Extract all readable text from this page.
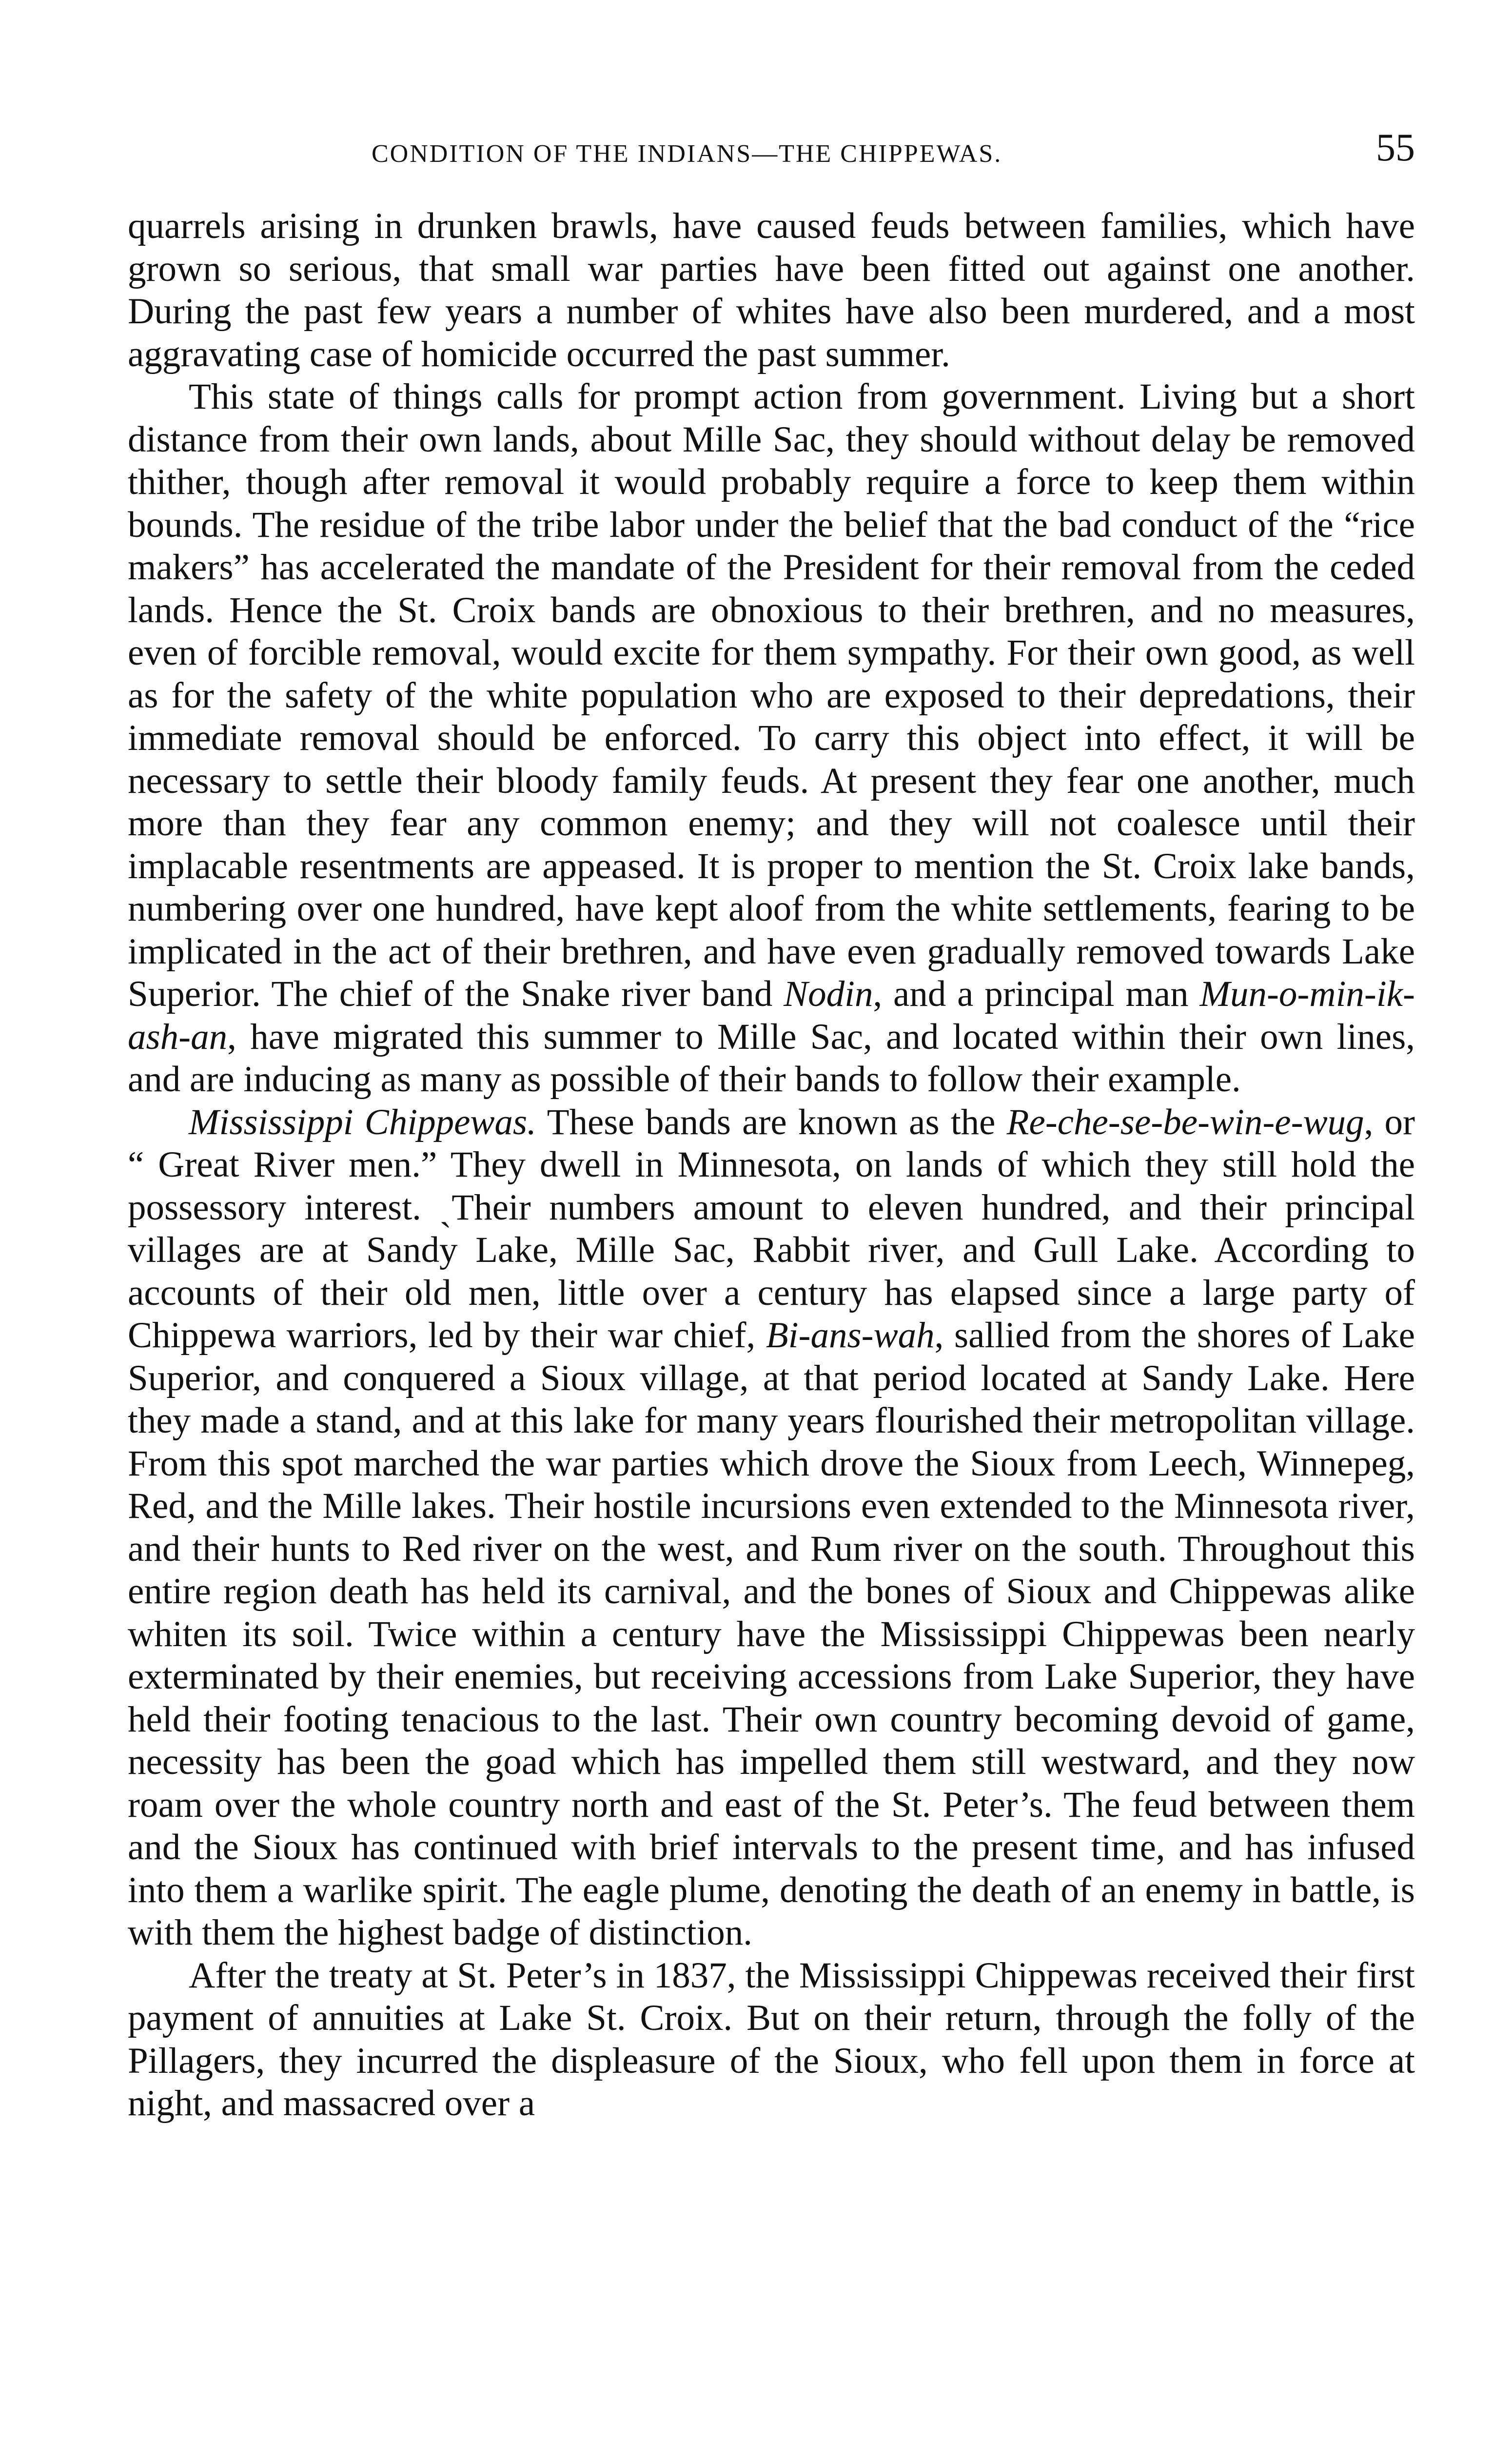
CONDITION OF THE INDIANS—THE CHIPPEWAS.	55

quarrels arising in drunken brawls, have caused feuds between families, which have grown so serious, that small war parties have been fitted out against one another. During the past few years a number of whites have also been murdered, and a most aggravating case of homicide occurred the past summer.

This state of things calls for prompt action from government. Living but a short distance from their own lands, about Mille Sac, they should without delay be removed thither, though after removal it would probably require a force to keep them within bounds. The residue of the tribe labor under the belief that the bad conduct of the “rice makers” has accelerated the mandate of the President for their removal from the ceded lands. Hence the St. Croix bands are obnoxious to their brethren, and no measures, even of forcible removal, would excite for them sympathy. For their own good, as well as for the safety of the white population who are exposed to their depredations, their immediate removal should be enforced. To carry this object into effect, it will be necessary to settle their bloody family feuds. At present they fear one another, much more than they fear any common enemy; and they will not coalesce until their implacable resentments are appeased. It is proper to mention the St. Croix lake bands, numbering over one hundred, have kept aloof from the white settlements, fearing to be implicated in the act of their brethren, and have even gradually removed towards Lake Superior. The chief of the Snake river band Nodin, and a principal man Mun-o-min-ik-ash-an, have migrated this summer to Mille Sac, and located within their own lines, and are inducing as many as possible of their bands to follow their example.

Mississippi Chippewas. These bands are known as the Re-che-se-be-win-e-wug, or “ Great River men.” They dwell in Minnesota, on lands of which they still hold the possessory interest. ˎTheir numbers amount to eleven hundred, and their principal villages are at Sandy Lake, Mille Sac, Rabbit river, and Gull Lake. According to accounts of their old men, little over a century has elapsed since a large party of Chippewa warriors, led by their war chief, Bi-ans-wah, sallied from the shores of Lake Superior, and conquered a Sioux village, at that period located at Sandy Lake. Here they made a stand, and at this lake for many years flourished their metropolitan village. From this spot marched the war parties which drove the Sioux from Leech, Winnepeg, Red, and the Mille lakes. Their hostile incursions even extended to the Minnesota river, and their hunts to Red river on the west, and Rum river on the south. Throughout this entire region death has held its carnival, and the bones of Sioux and Chippewas alike whiten its soil. Twice within a century have the Mississippi Chippewas been nearly exterminated by their enemies, but receiving accessions from Lake Superior, they have held their footing tenacious to the last. Their own country becoming devoid of game, necessity has been the goad which has impelled them still westward, and they now roam over the whole country north and east of the St. Peter’s. The feud between them and the Sioux has continued with brief intervals to the present time, and has infused into them a warlike spirit. The eagle plume, denoting the death of an enemy in battle, is with them the highest badge of distinction.

After the treaty at St. Peter’s in 1837, the Mississippi Chippewas received their first payment of annuities at Lake St. Croix. But on their return, through the folly of the Pillagers, they incurred the displeasure of the Sioux, who fell upon them in force at night, and massacred over a
